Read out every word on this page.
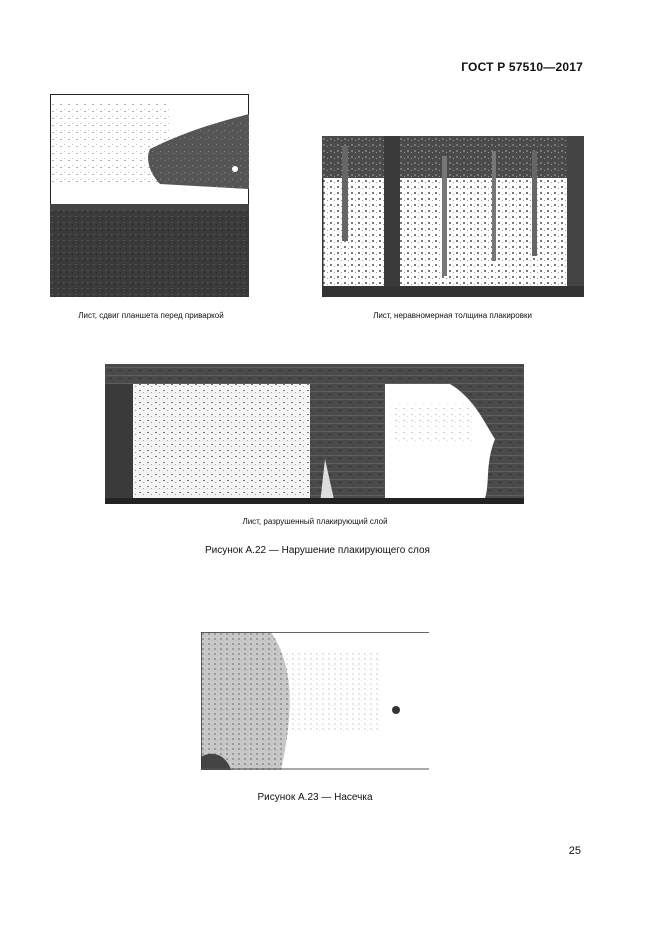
ГОСТ Р 57510—2017
Лист, сдвиг планшета перед приваркой	Лист, неравномерная толщина плакировки
Лист, разрушенный плакирующий слой
Рисунок А.22 — Нарушение плакирующего слоя
Рисунок А.23 — Насечка
25
